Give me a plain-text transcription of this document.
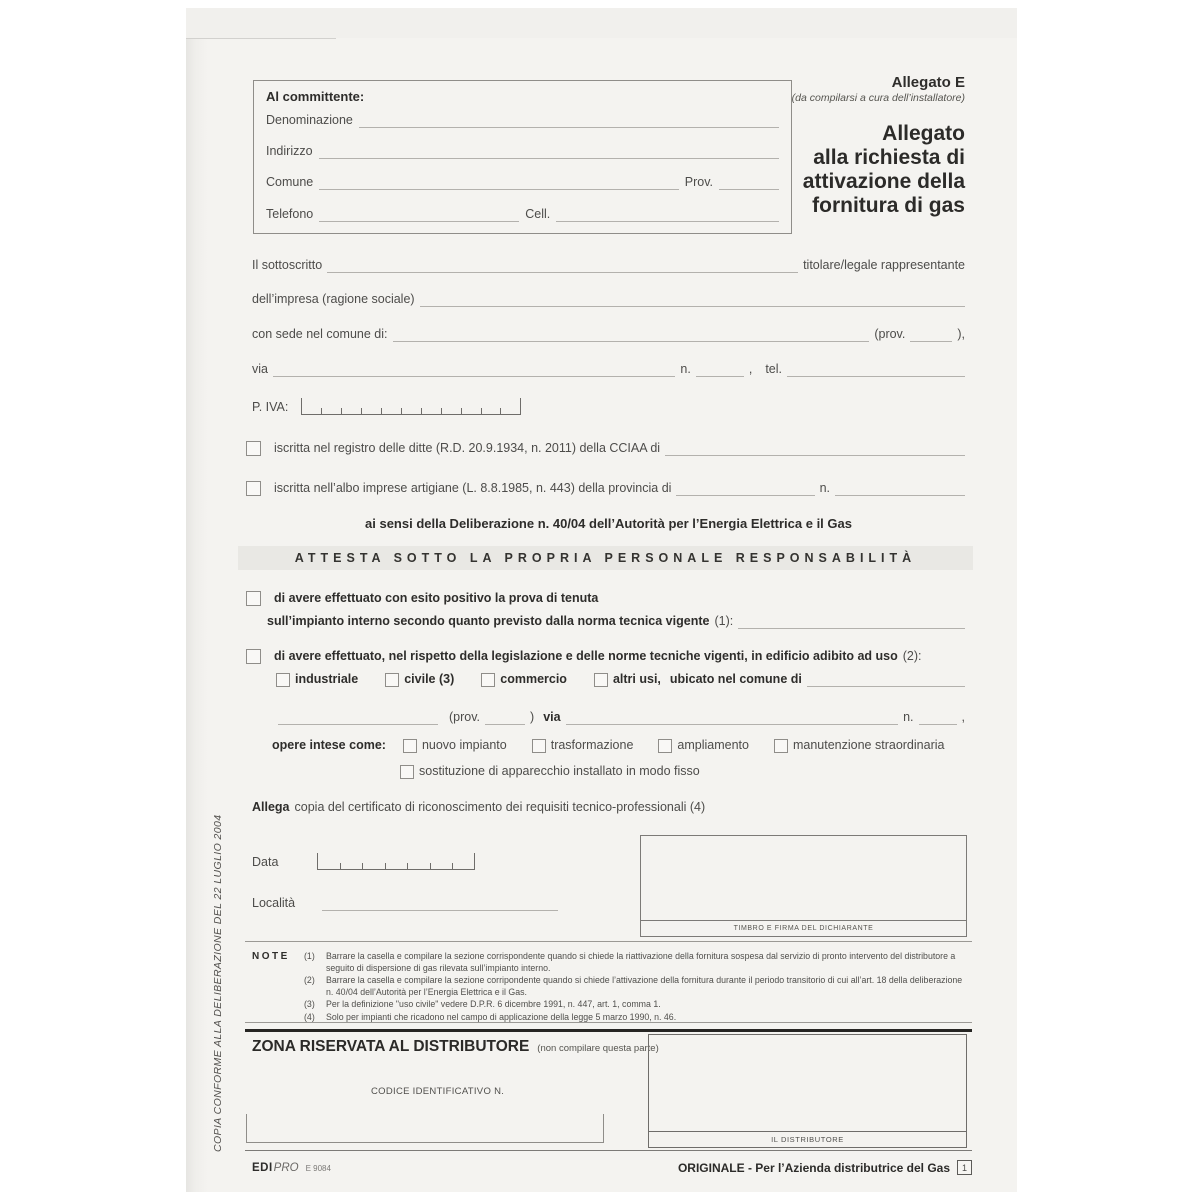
COPIA CONFORME ALLA DELIBERAZIONE DEL 22 LUGLIO 2004
Al committente:
Denominazione
Indirizzo
Comune	Prov.
Telefono	Cell.
Allegato E
(da compilarsi a cura dell’installatore)
Allegato
alla richiesta di
attivazione della
fornitura di gas
Il sottoscritto	titolare/legale rappresentante
dell’impresa (ragione sociale)
con sede nel comune di:	(prov.	),
via	n.	, tel.
P. IVA:
iscritta nel registro delle ditte (R.D. 20.9.1934, n. 2011) della CCIAA di
iscritta nell’albo imprese artigiane (L. 8.8.1985, n. 443) della provincia di	n.
ai sensi della Deliberazione n. 40/04 dell’Autorità per l’Energia Elettrica e il Gas
ATTESTA SOTTO LA PROPRIA PERSONALE RESPONSABILITÀ
di avere effettuato con esito positivo la prova di tenuta
sull’impianto interno secondo quanto previsto dalla norma tecnica vigente (1):
di avere effettuato, nel rispetto della legislazione e delle norme tecniche vigenti, in edificio adibito ad uso (2):
industriale	civile (3)	commercio	altri usi, ubicato nel comune di
(prov.	) via	n.	,
opere intese come:	nuovo impianto	trasformazione	ampliamento	manutenzione straordinaria
sostituzione di apparecchio installato in modo fisso
Allega copia del certificato di riconoscimento dei requisiti tecnico-professionali (4)
Data
Località
TIMBRO E FIRMA DEL DICHIARANTE
NOTE (1)	Barrare la casella e compilare la sezione corrispondente quando si chiede la riattivazione della fornitura sospesa dal servizio di pronto intervento del distributore a seguito di dispersione di gas rilevata sull’impianto interno.
(2)	Barrare la casella e compilare la sezione corripondente quando si chiede l’attivazione della fornitura durante il periodo transitorio di cui all’art. 18 della deliberazione n. 40/04 dell’Autorità per l’Energia Elettrica e il Gas.
(3)	Per la definizione "uso civile" vedere D.P.R. 6 dicembre 1991, n. 447, art. 1, comma 1.
(4)	Solo per impianti che ricadono nel campo di applicazione della legge 5 marzo 1990, n. 46.
ZONA RISERVATA AL DISTRIBUTORE (non compilare questa parte)
CODICE IDENTIFICATIVO N.
IL DISTRIBUTORE
EDI PRO E 9084	ORIGINALE - Per l’Azienda distributrice del Gas 1
